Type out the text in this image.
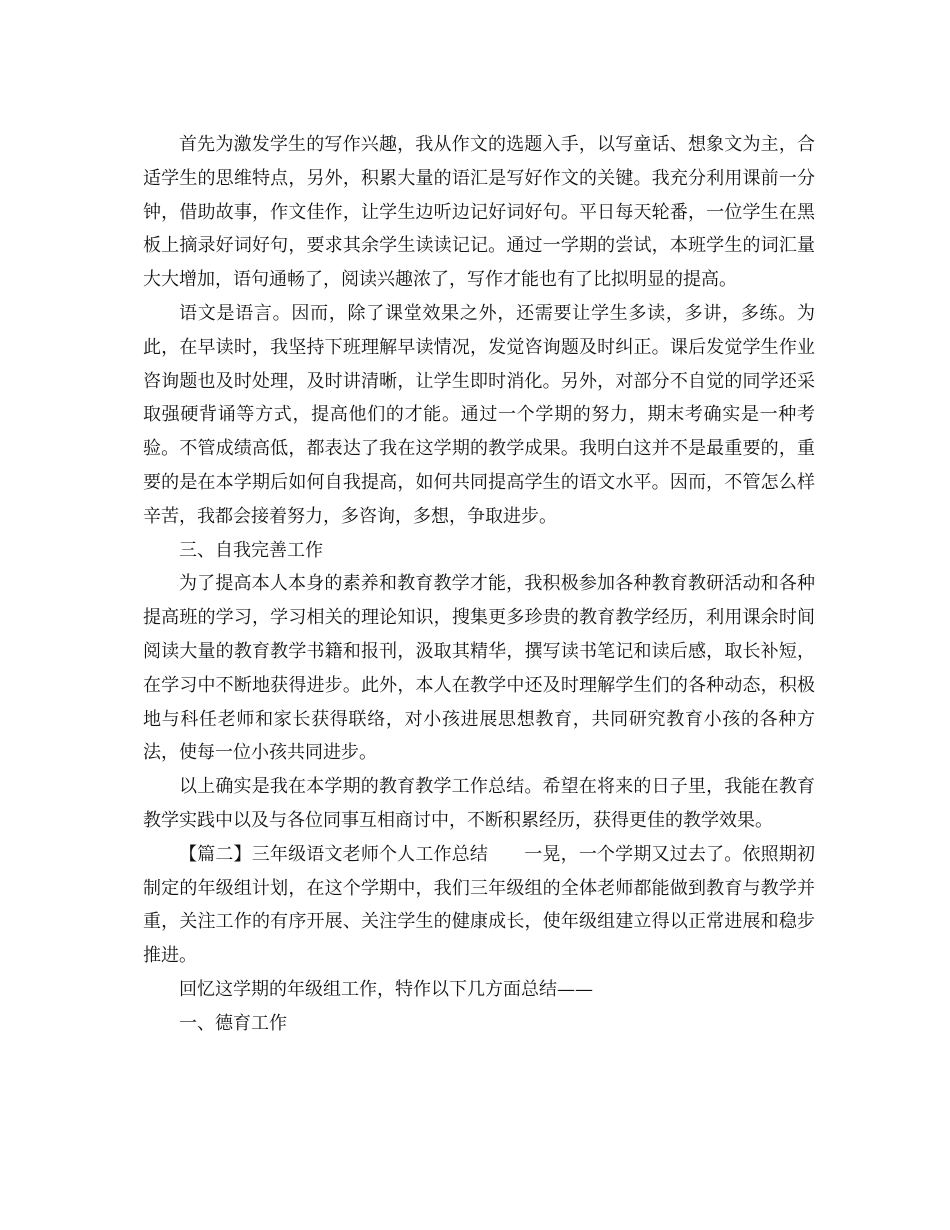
首先为激发学生的写作兴趣，我从作文的选题入手，以写童话、想象文为主，合适学生的思维特点，另外，积累大量的语汇是写好作文的关键。我充分利用课前一分钟，借助故事，作文佳作，让学生边听边记好词好句。平日每天轮番，一位学生在黑板上摘录好词好句，要求其余学生读读记记。通过一学期的尝试，本班学生的词汇量大大增加，语句通畅了，阅读兴趣浓了，写作才能也有了比拟明显的提高。

语文是语言。因而，除了课堂效果之外，还需要让学生多读，多讲，多练。为此，在早读时，我坚持下班理解早读情况，发觉咨询题及时纠正。课后发觉学生作业咨询题也及时处理，及时讲清晰，让学生即时消化。另外，对部分不自觉的同学还采取强硬背诵等方式，提高他们的才能。通过一个学期的努力，期末考确实是一种考验。不管成绩高低，都表达了我在这学期的教学成果。我明白这并不是最重要的，重要的是在本学期后如何自我提高，如何共同提高学生的语文水平。因而，不管怎么样辛苦，我都会接着努力，多咨询，多想，争取进步。

三、自我完善工作

为了提高本人本身的素养和教育教学才能，我积极参加各种教育教研活动和各种提高班的学习，学习相关的理论知识，搜集更多珍贵的教育教学经历，利用课余时间阅读大量的教育教学书籍和报刊，汲取其精华，撰写读书笔记和读后感，取长补短，在学习中不断地获得进步。此外，本人在教学中还及时理解学生们的各种动态，积极地与科任老师和家长获得联络，对小孩进展思想教育，共同研究教育小孩的各种方法，使每一位小孩共同进步。

以上确实是我在本学期的教育教学工作总结。希望在将来的日子里，我能在教育教学实践中以及与各位同事互相商讨中，不断积累经历，获得更佳的教学效果。

【篇二】三年级语文老师个人工作总结 一晃，一个学期又过去了。依照期初制定的年级组计划，在这个学期中，我们三年级组的全体老师都能做到教育与教学并重，关注工作的有序开展、关注学生的健康成长，使年级组建立得以正常进展和稳步推进。

回忆这学期的年级组工作，特作以下几方面总结——

一、德育工作
